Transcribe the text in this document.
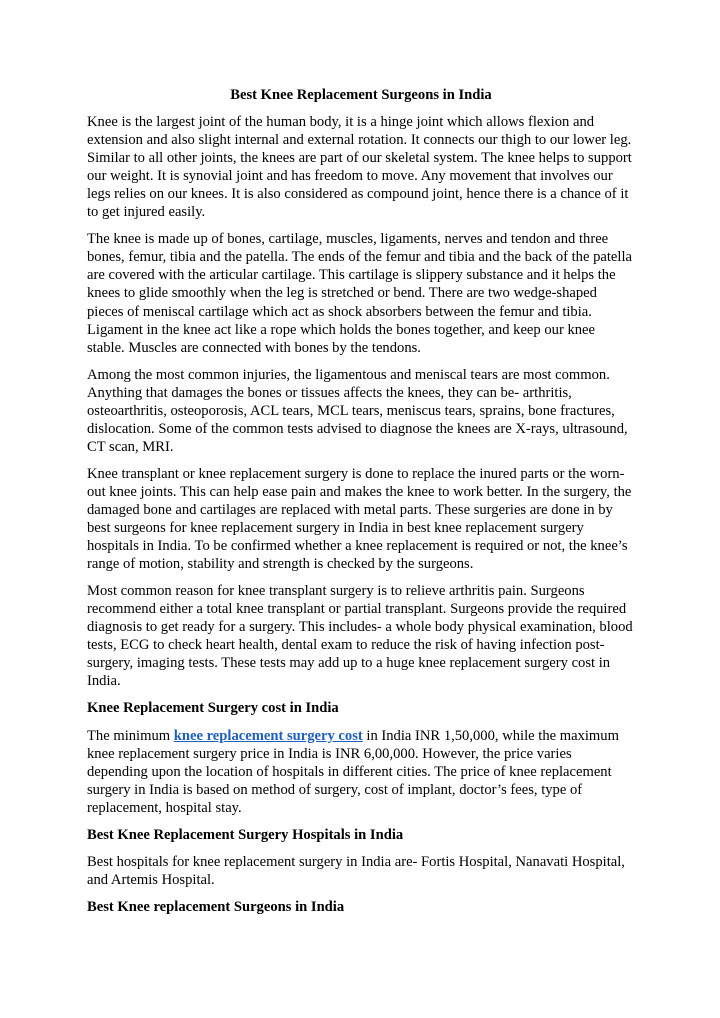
Best Knee Replacement Surgeons in India

Knee is the largest joint of the human body, it is a hinge joint which allows flexion and extension and also slight internal and external rotation. It connects our thigh to our lower leg. Similar to all other joints, the knees are part of our skeletal system. The knee helps to support our weight. It is synovial joint and has freedom to move. Any movement that involves our legs relies on our knees. It is also considered as compound joint, hence there is a chance of it to get injured easily.

The knee is made up of bones, cartilage, muscles, ligaments, nerves and tendon and three bones, femur, tibia and the patella. The ends of the femur and tibia and the back of the patella are covered with the articular cartilage. This cartilage is slippery substance and it helps the knees to glide smoothly when the leg is stretched or bend. There are two wedge-shaped pieces of meniscal cartilage which act as shock absorbers between the femur and tibia. Ligament in the knee act like a rope which holds the bones together, and keep our knee stable. Muscles are connected with bones by the tendons.

Among the most common injuries, the ligamentous and meniscal tears are most common. Anything that damages the bones or tissues affects the knees, they can be- arthritis, osteoarthritis, osteoporosis, ACL tears, MCL tears, meniscus tears, sprains, bone fractures, dislocation. Some of the common tests advised to diagnose the knees are X-rays, ultrasound, CT scan, MRI.

Knee transplant or knee replacement surgery is done to replace the inured parts or the worn-out knee joints. This can help ease pain and makes the knee to work better. In the surgery, the damaged bone and cartilages are replaced with metal parts. These surgeries are done in by best surgeons for knee replacement surgery in India in best knee replacement surgery hospitals in India. To be confirmed whether a knee replacement is required or not, the knee’s range of motion, stability and strength is checked by the surgeons.

Most common reason for knee transplant surgery is to relieve arthritis pain. Surgeons recommend either a total knee transplant or partial transplant. Surgeons provide the required diagnosis to get ready for a surgery. This includes- a whole body physical examination, blood tests, ECG to check heart health, dental exam to reduce the risk of having infection post-surgery, imaging tests. These tests may add up to a huge knee replacement surgery cost in India.

Knee Replacement Surgery cost in India

The minimum knee replacement surgery cost in India INR 1,50,000, while the maximum knee replacement surgery price in India is INR 6,00,000. However, the price varies depending upon the location of hospitals in different cities. The price of knee replacement surgery in India is based on method of surgery, cost of implant, doctor’s fees, type of replacement, hospital stay.

Best Knee Replacement Surgery Hospitals in India

Best hospitals for knee replacement surgery in India are- Fortis Hospital, Nanavati Hospital, and Artemis Hospital.

Best Knee replacement Surgeons in India
